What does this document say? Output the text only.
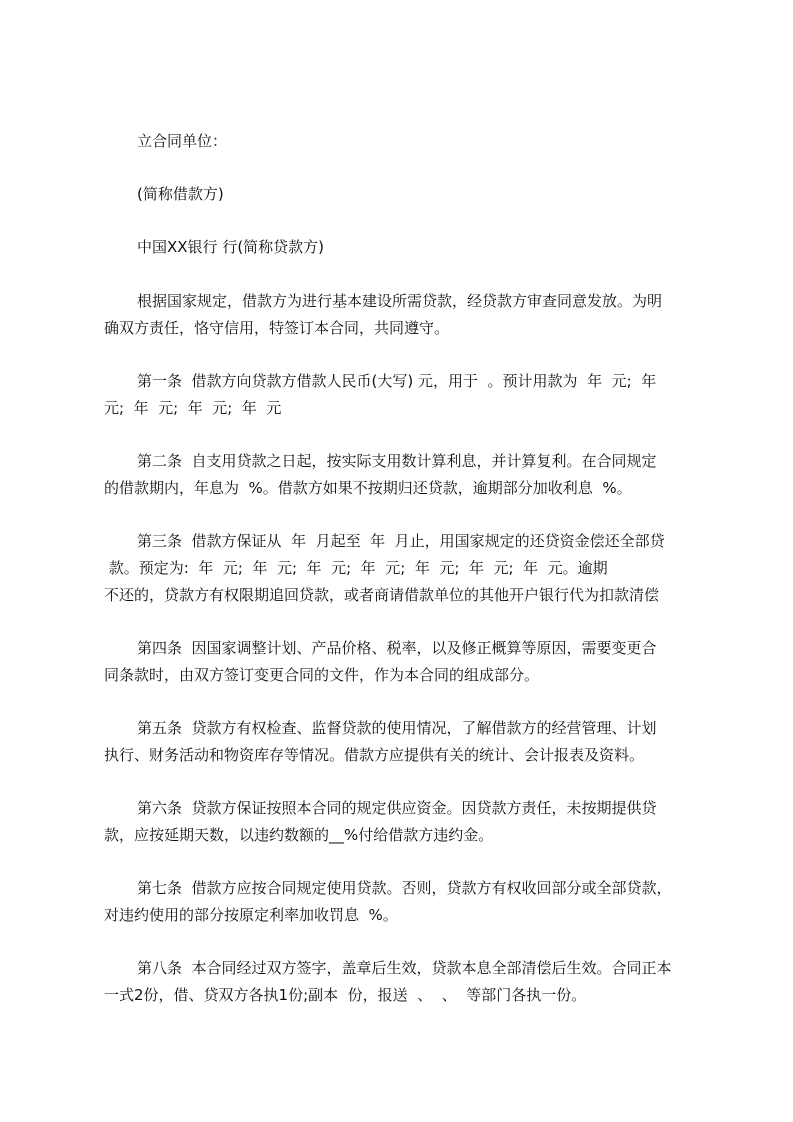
立合同单位：

(简称借款方)

中国XX银行 行(简称贷款方)

根据国家规定，借款方为进行基本建设所需贷款，经贷款方审查同意发放。为明

确双方责任，恪守信用，特签订本合同，共同遵守。

第一条  借款方向贷款方借款人民币(大写) 元，用于  。预计用款为  年  元;  年

元;  年  元;  年  元;  年  元

第二条  自支用贷款之日起，按实际支用数计算利息，并计算复利。在合同规定

的借款期内，年息为  %。借款方如果不按期归还贷款，逾期部分加收利息  %。

第三条  借款方保证从  年  月起至  年  月止，用国家规定的还贷资金偿还全部贷

款。预定为:  年  元;  年  元;  年  元;  年  元;  年  元;  年  元;  年  元。逾期

不还的，贷款方有权限期追回贷款，或者商请借款单位的其他开户银行代为扣款清偿

第四条  因国家调整计划、产品价格、税率，以及修正概算等原因，需要变更合

同条款时，由双方签订变更合同的文件，作为本合同的组成部分。

第五条  贷款方有权检查、监督贷款的使用情况，了解借款方的经营管理、计划

执行、财务活动和物资库存等情况。借款方应提供有关的统计、会计报表及资料。

第六条  贷款方保证按照本合同的规定供应资金。因贷款方责任，未按期提供贷

款，应按延期天数，以违约数额的__%付给借款方违约金。

第七条  借款方应按合同规定使用贷款。否则，贷款方有权收回部分或全部贷款，

对违约使用的部分按原定利率加收罚息  %。

第八条  本合同经过双方签字，盖章后生效，贷款本息全部清偿后生效。合同正本

一式2份，借、贷双方各执1份;副本  份，报送  、  、  等部门各执一份。
